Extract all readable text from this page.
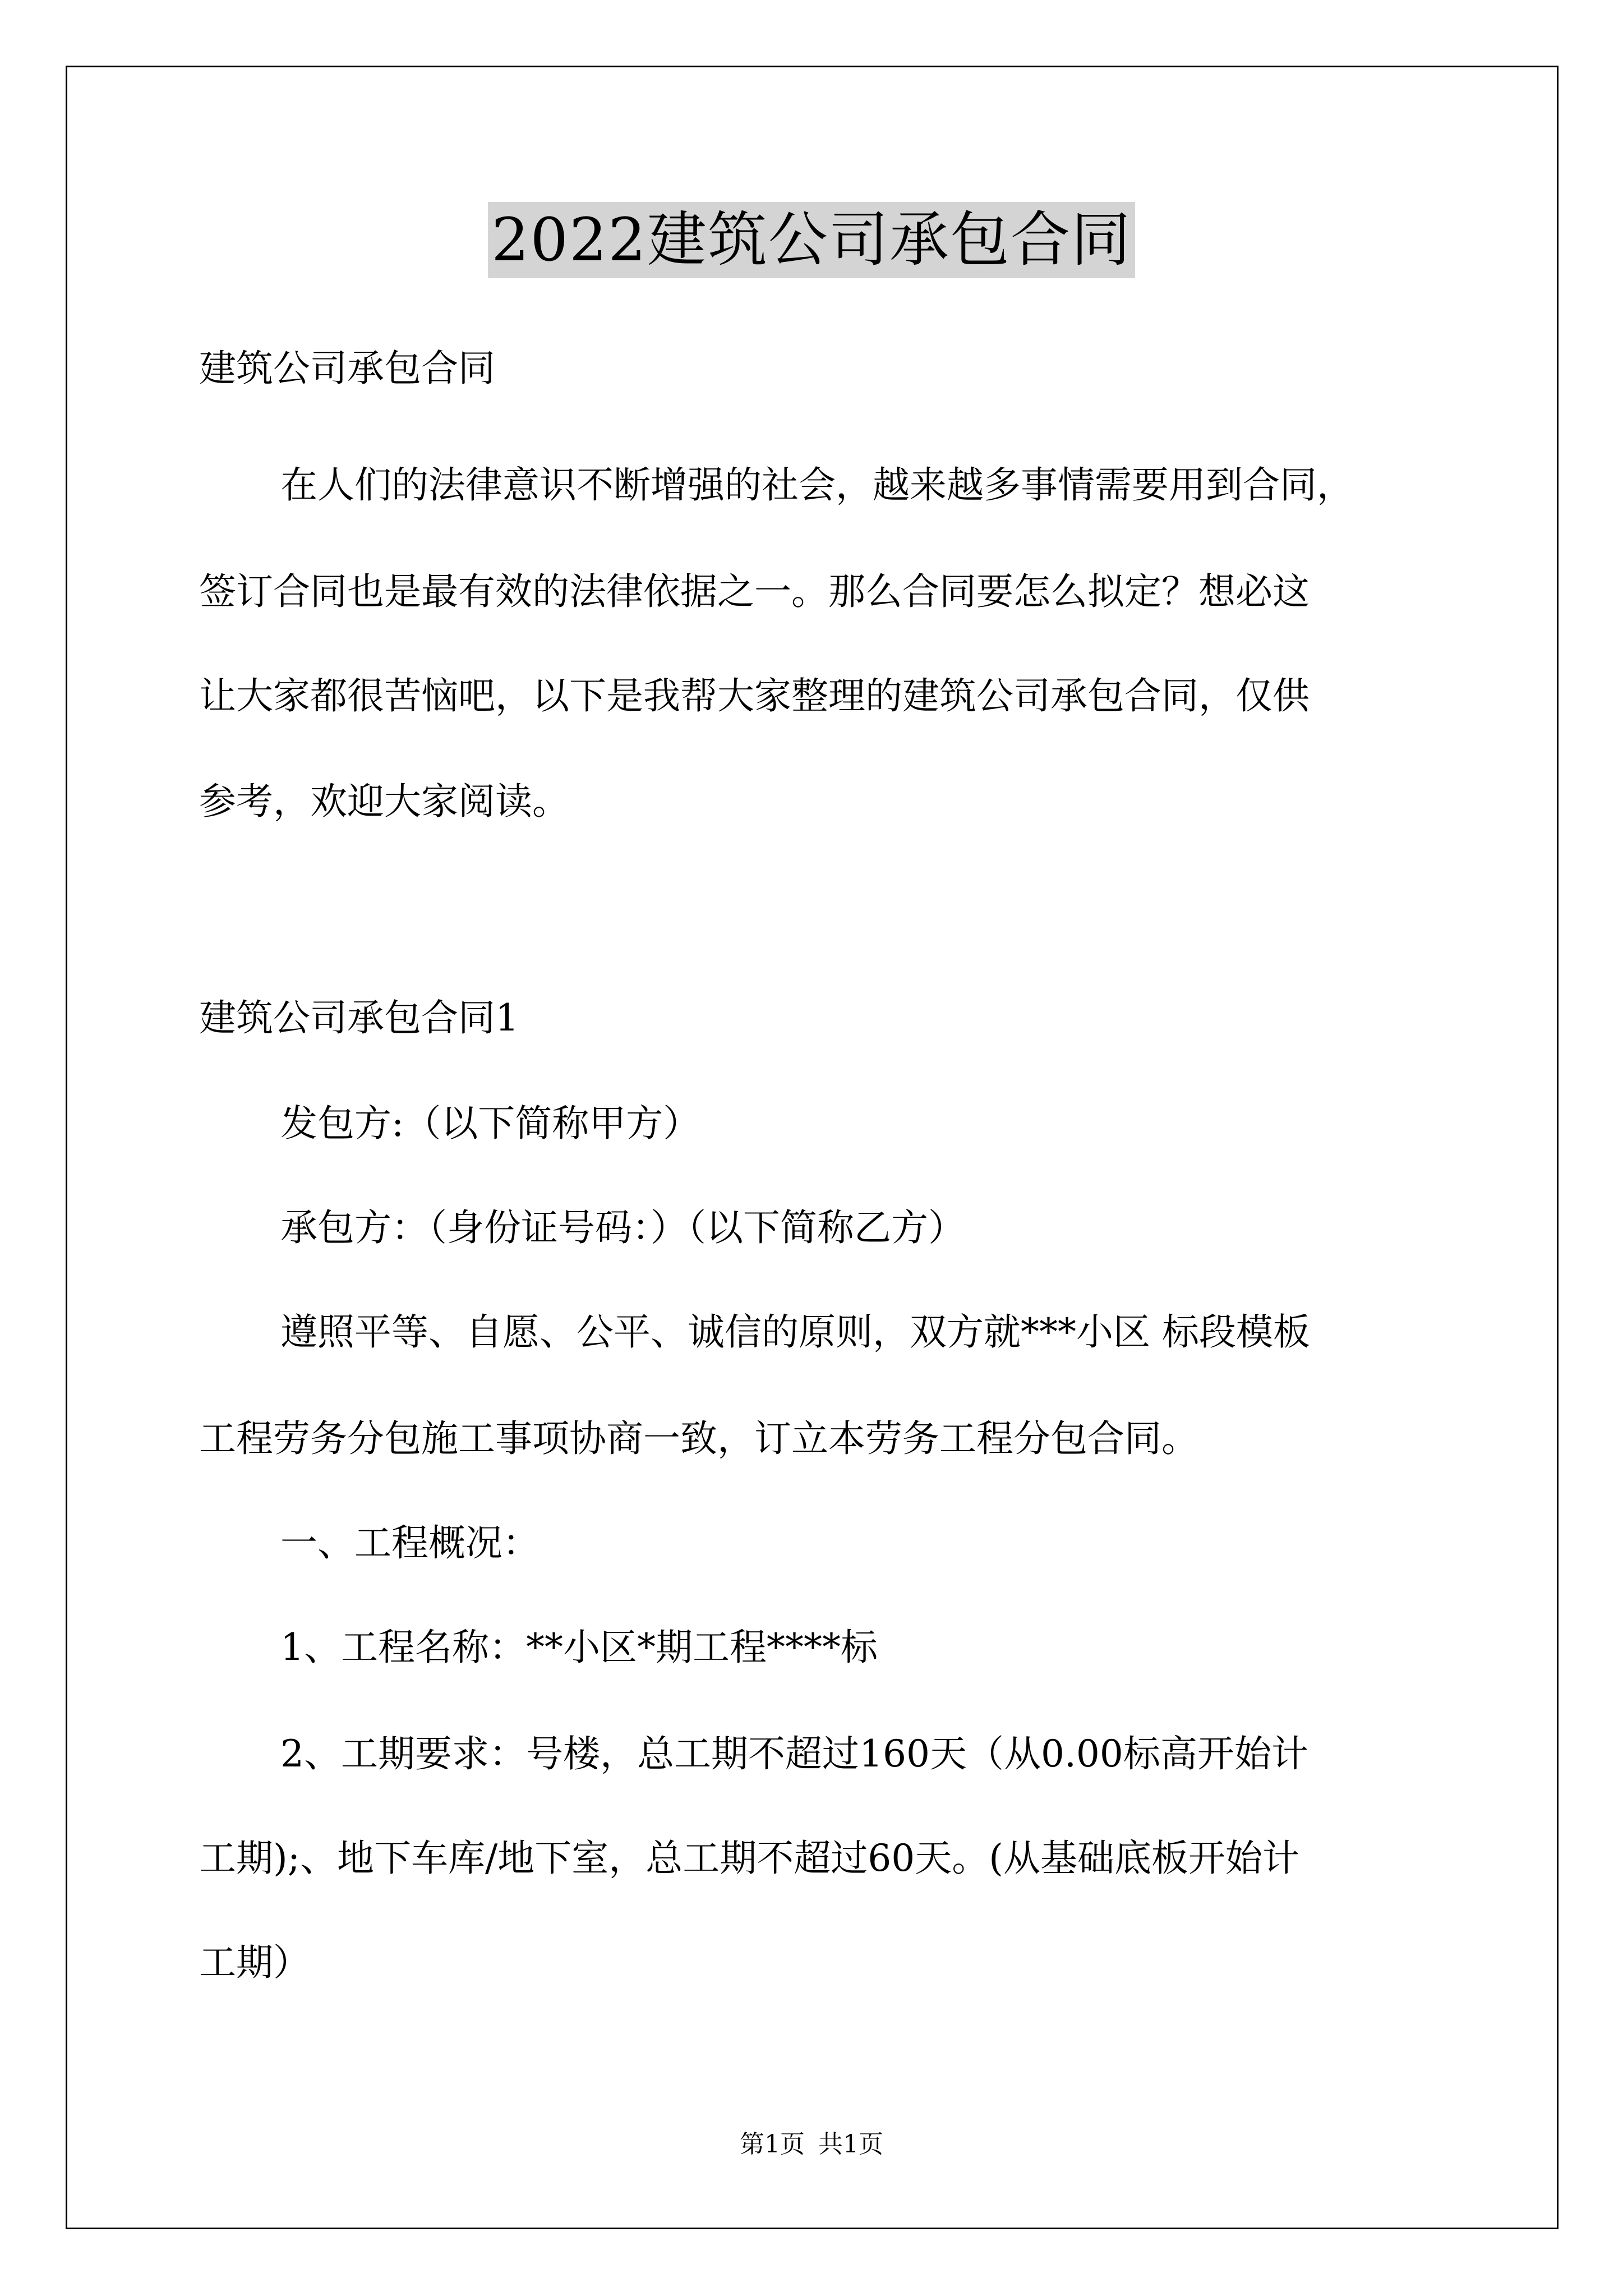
2022建筑公司承包合同
建筑公司承包合同
在人们的法律意识不断增强的社会，越来越多事情需要用到合同，
签订合同也是最有效的法律依据之一。那么合同要怎么拟定？想必这
让大家都很苦恼吧，以下是我帮大家整理的建筑公司承包合同，仅供
参考，欢迎大家阅读。
建筑公司承包合同1
发包方:（以下简称甲方）
承包方：（身份证号码：）（以下简称乙方）
遵照平等、自愿、公平、诚信的原则，双方就***小区 标段模板
工程劳务分包施工事项协商一致，订立本劳务工程分包合同。
一、工程概况：
1、工程名称：**小区*期工程****标
2、工期要求：号楼，总工期不超过160天（从0.00标高开始计
工期);、地下车库/地下室，总工期不超过60天。(从基础底板开始计
工期）
第1页 共1页
